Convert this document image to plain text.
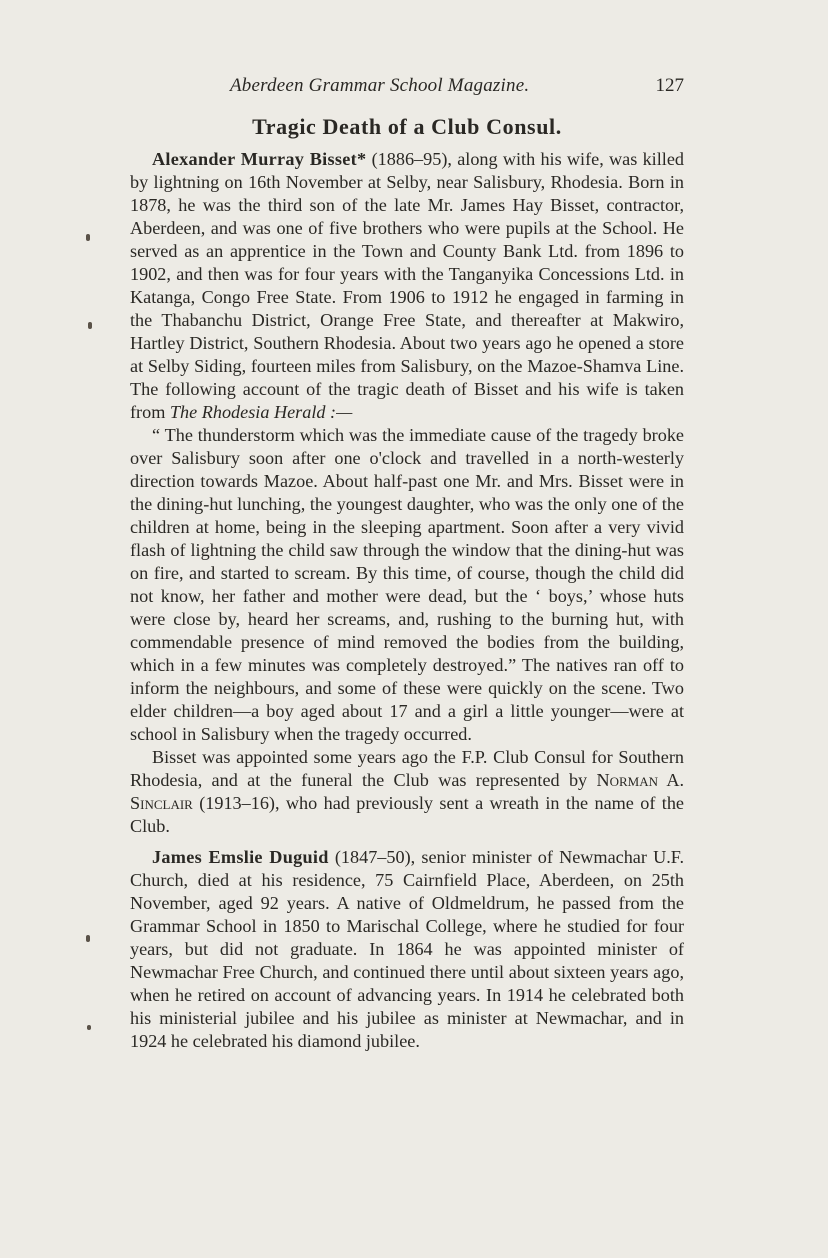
Aberdeen Grammar School Magazine.	127
Tragic Death of a Club Consul.

Alexander Murray Bisset* (1886–95), along with his wife, was killed by lightning on 16th November at Selby, near Salisbury, Rhodesia. Born in 1878, he was the third son of the late Mr. James Hay Bisset, contractor, Aberdeen, and was one of five brothers who were pupils at the School. He served as an apprentice in the Town and County Bank Ltd. from 1896 to 1902, and then was for four years with the Tanganyika Concessions Ltd. in Katanga, Congo Free State. From 1906 to 1912 he engaged in farming in the Thabanchu District, Orange Free State, and thereafter at Makwiro, Hartley District, Southern Rhodesia. About two years ago he opened a store at Selby Siding, fourteen miles from Salisbury, on the Mazoe-Shamva Line. The following account of the tragic death of Bisset and his wife is taken from The Rhodesia Herald :—

“ The thunderstorm which was the immediate cause of the tragedy broke over Salisbury soon after one o'clock and travelled in a north-westerly direction towards Mazoe. About half-past one Mr. and Mrs. Bisset were in the dining-hut lunching, the youngest daughter, who was the only one of the children at home, being in the sleeping apartment. Soon after a very vivid flash of lightning the child saw through the window that the dining-hut was on fire, and started to scream. By this time, of course, though the child did not know, her father and mother were dead, but the ‘ boys,’ whose huts were close by, heard her screams, and, rushing to the burning hut, with commendable presence of mind removed the bodies from the building, which in a few minutes was completely destroyed.” The natives ran off to inform the neighbours, and some of these were quickly on the scene. Two elder children—a boy aged about 17 and a girl a little younger—were at school in Salisbury when the tragedy occurred.

Bisset was appointed some years ago the F.P. Club Consul for Southern Rhodesia, and at the funeral the Club was represented by Norman A. Sinclair (1913–16), who had previously sent a wreath in the name of the Club.

James Emslie Duguid (1847–50), senior minister of Newmachar U.F. Church, died at his residence, 75 Cairnfield Place, Aberdeen, on 25th November, aged 92 years. A native of Oldmeldrum, he passed from the Grammar School in 1850 to Marischal College, where he studied for four years, but did not graduate. In 1864 he was appointed minister of Newmachar Free Church, and continued there until about sixteen years ago, when he retired on account of advancing years. In 1914 he celebrated both his ministerial jubilee and his jubilee as minister at Newmachar, and in 1924 he celebrated his diamond jubilee.
